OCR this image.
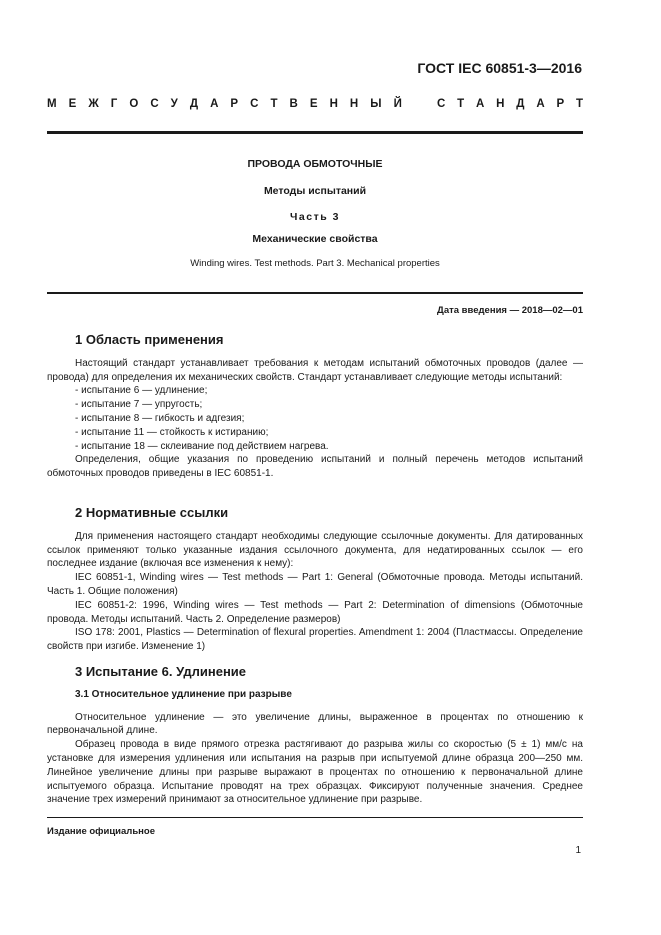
ГОСТ IEC 60851-3—2016
М Е Ж Г О С У Д А Р С Т В Е Н Н Ы Й	С Т А Н Д А Р Т
ПРОВОДА ОБМОТОЧНЫЕ
Методы испытаний
Часть 3
Механические свойства
Winding wires. Test methods. Part 3. Mechanical properties
Дата введения — 2018—02—01
1 Область применения

Настоящий стандарт устанавливает требования к методам испытаний обмоточных проводов (далее — провода) для определения их механических свойств. Стандарт устанавливает следующие методы испытаний:

- испытание 6 — удлинение;

- испытание 7 — упругость;

- испытание 8 — гибкость и адгезия;

- испытание 11 — стойкость к истиранию;

- испытание 18 — склеивание под действием нагрева.

Определения, общие указания по проведению испытаний и полный перечень методов испытаний обмоточных проводов приведены в IEC 60851-1.

2 Нормативные ссылки

Для применения настоящего стандарт необходимы следующие ссылочные документы. Для датированных ссылок применяют только указанные издания ссылочного документа, для недатированных ссылок — его последнее издание (включая все изменения к нему):

IEC 60851-1, Winding wires — Test methods — Part 1: General (Обмоточные провода. Методы испытаний. Часть 1. Общие положения)

IEC 60851-2: 1996, Winding wires — Test methods — Part 2: Determination of dimensions (Обмоточные провода. Методы испытаний. Часть 2. Определение размеров)

ISO 178: 2001, Plastics — Determination of flexural properties. Amendment 1: 2004 (Пластмассы. Определение свойств при изгибе. Изменение 1)

3 Испытание 6. Удлинение
3.1 Относительное удлинение при разрыве

Относительное удлинение — это увеличение длины, выраженное в процентах по отношению к первоначальной длине.

Образец провода в виде прямого отрезка растягивают до разрыва жилы со скоростью (5 ± 1) мм/с на установке для измерения удлинения или испытания на разрыв при испытуемой длине образца 200—250 мм. Линейное увеличение длины при разрыве выражают в процентах по отношению к первоначальной длине испытуемого образца. Испытание проводят на трех образцах. Фиксируют полученные значения. Среднее значение трех измерений принимают за относительное удлинение при разрыве.

Издание официальное
1
